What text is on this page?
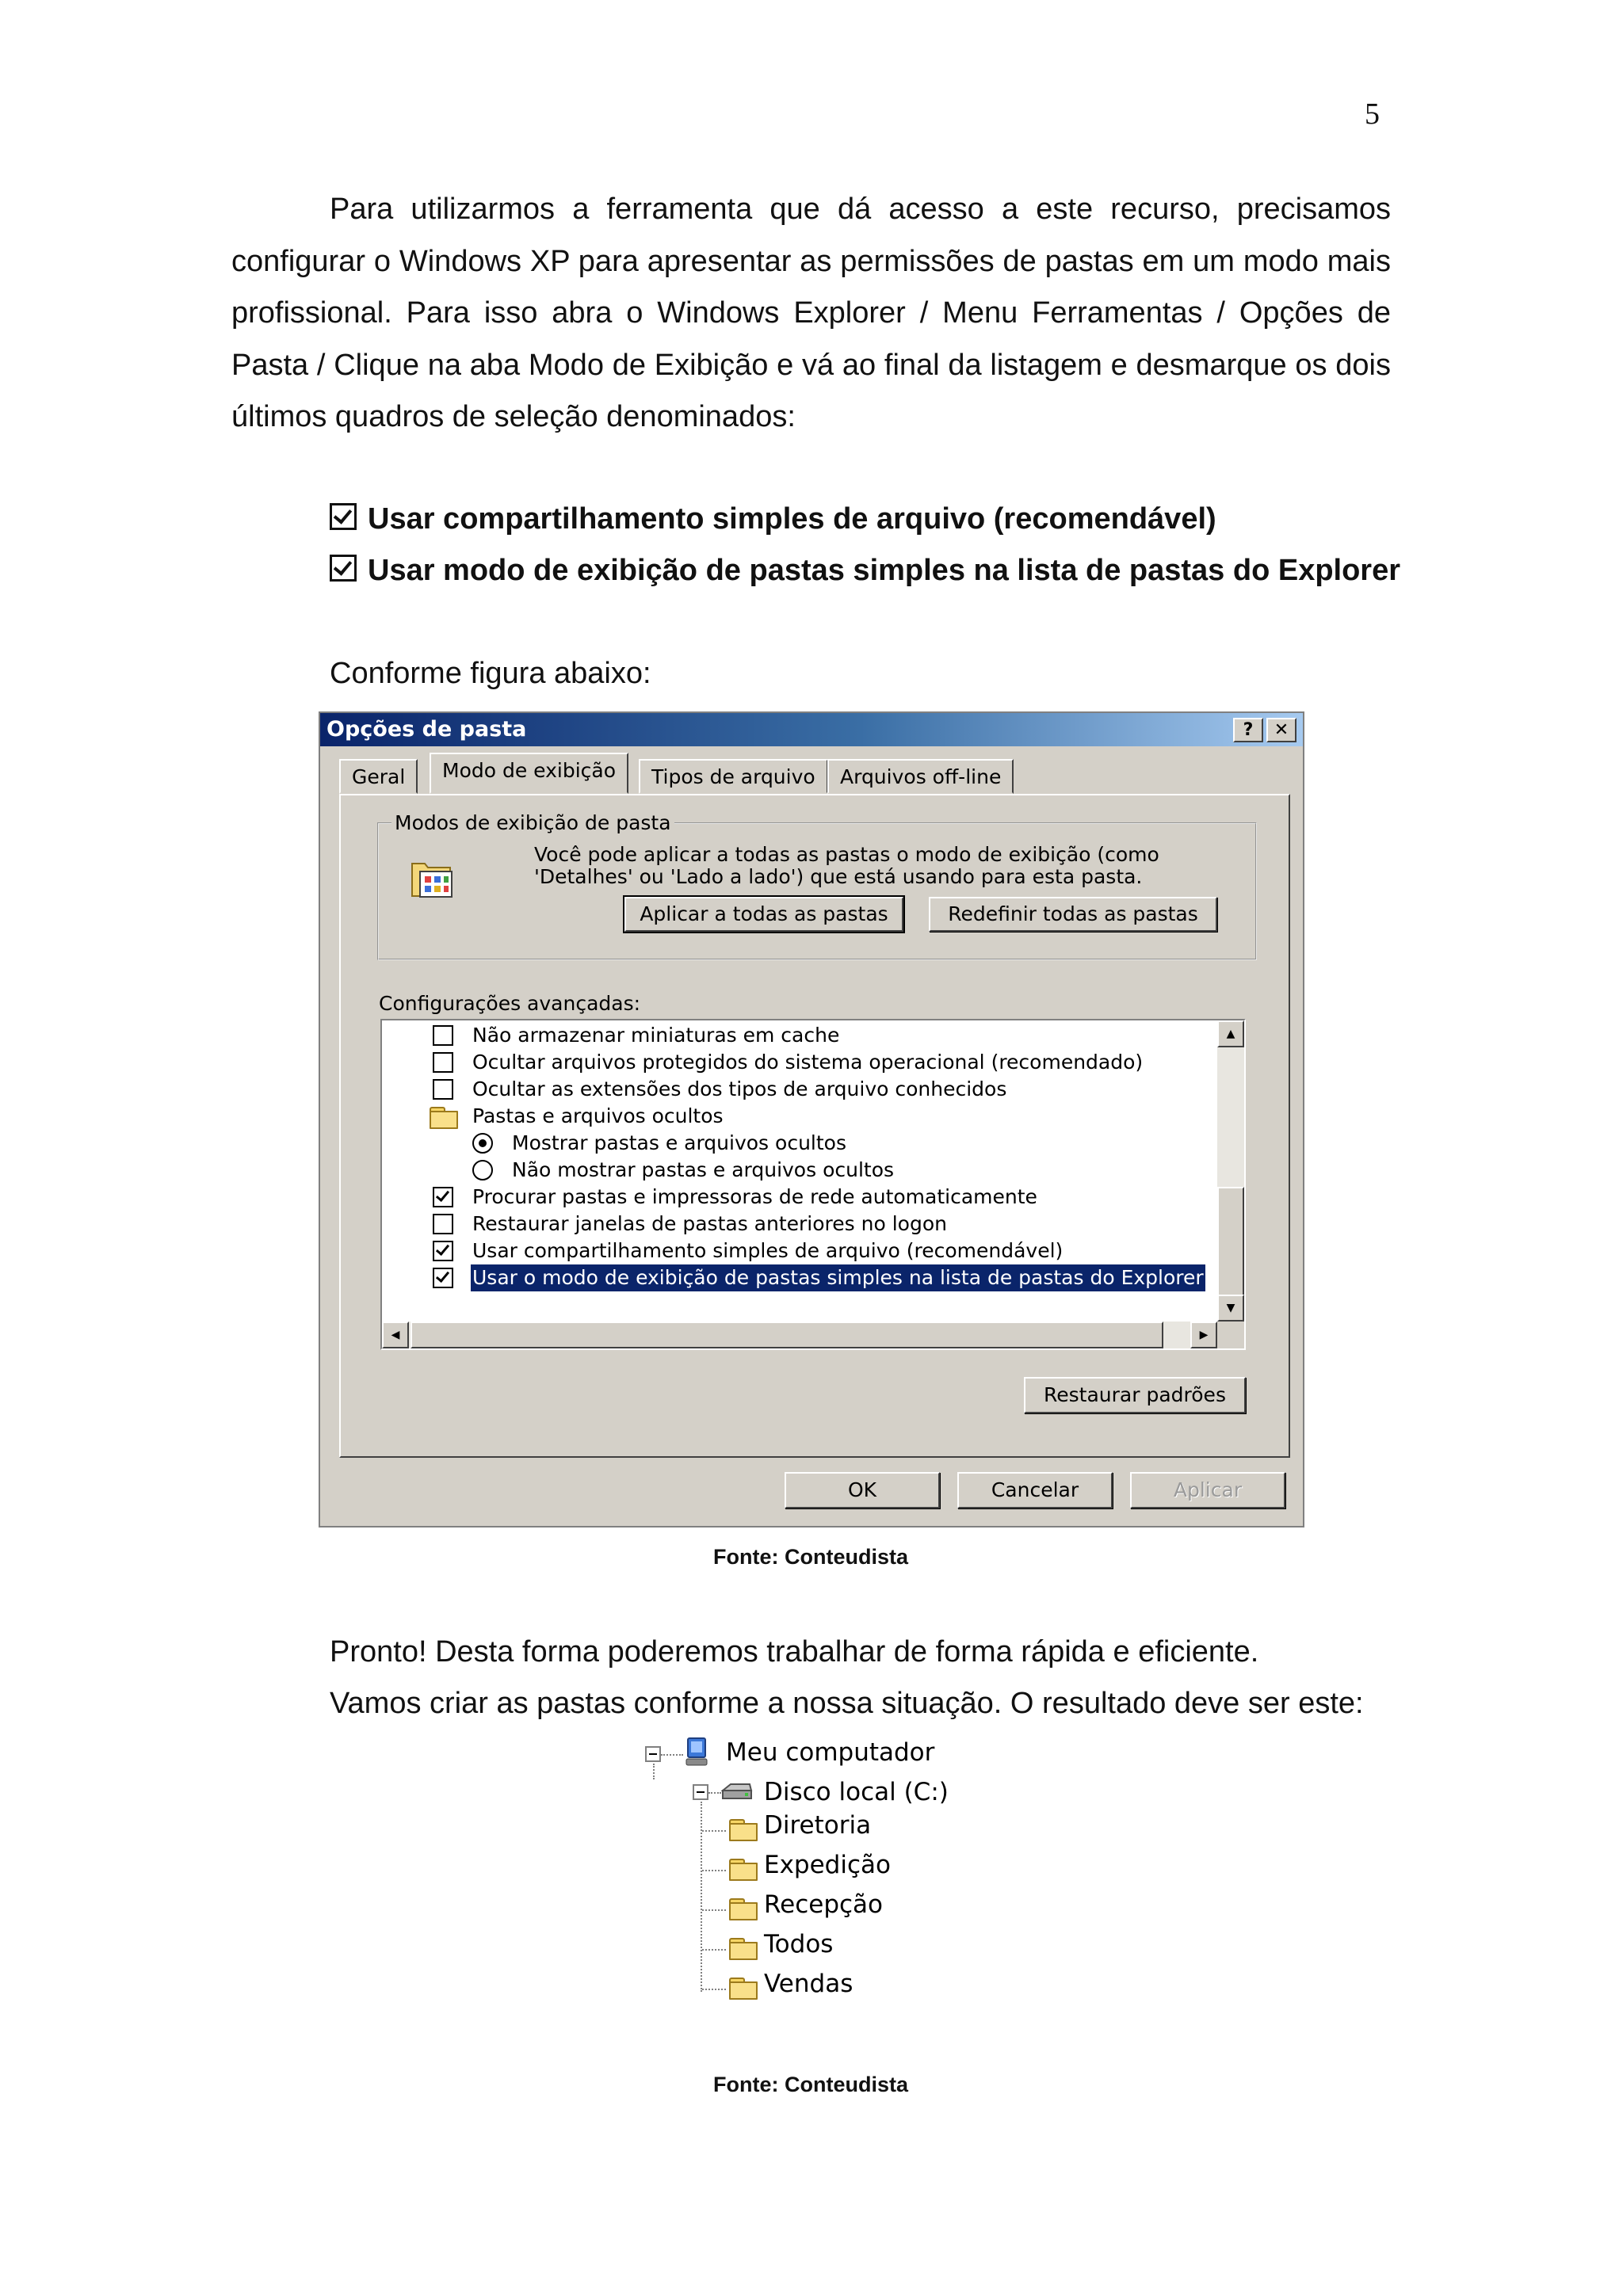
5

Para utilizarmos a ferramenta que dá acesso a este recurso, precisamos configurar o Windows XP para apresentar as permissões de pastas em um modo mais profissional. Para isso abra o Windows Explorer / Menu Ferramentas / Opções de Pasta / Clique na aba Modo de Exibição e vá ao final da listagem e desmarque os dois últimos quadros de seleção denominados:

Usar compartilhamento simples de arquivo (recomendável)
Usar modo de exibição de pastas simples na lista de pastas do Explorer
Conforme figura abaixo:
Opções de pasta	?	✕
Geral	Modo de exibição	Tipos de arquivo	Arquivos off-line
Modos de exibição de pasta
Você pode aplicar a todas as pastas o modo de exibição (como
'Detalhes' ou 'Lado a lado') que está usando para esta pasta.
Aplicar a todas as pastas	Redefinir todas as pastas
Configurações avançadas:
Não armazenar miniaturas em cache
Ocultar arquivos protegidos do sistema operacional (recomendado)
Ocultar as extensões dos tipos de arquivo conhecidos
Pastas e arquivos ocultos
Mostrar pastas e arquivos ocultos
Não mostrar pastas e arquivos ocultos
Procurar pastas e impressoras de rede automaticamente
Restaurar janelas de pastas anteriores no logon
Usar compartilhamento simples de arquivo (recomendável)
Usar o modo de exibição de pastas simples na lista de pastas do Explorer
▲
▼
◀	▶
Restaurar padrões
OK	Cancelar	Aplicar
Fonte: Conteudista
Pronto! Desta forma poderemos trabalhar de forma rápida e eficiente.
Vamos criar as pastas conforme a nossa situação. O resultado deve ser este:
Meu computador
Disco local (C:)
Diretoria
Expedição
Recepção
Todos
Vendas
Fonte: Conteudista
